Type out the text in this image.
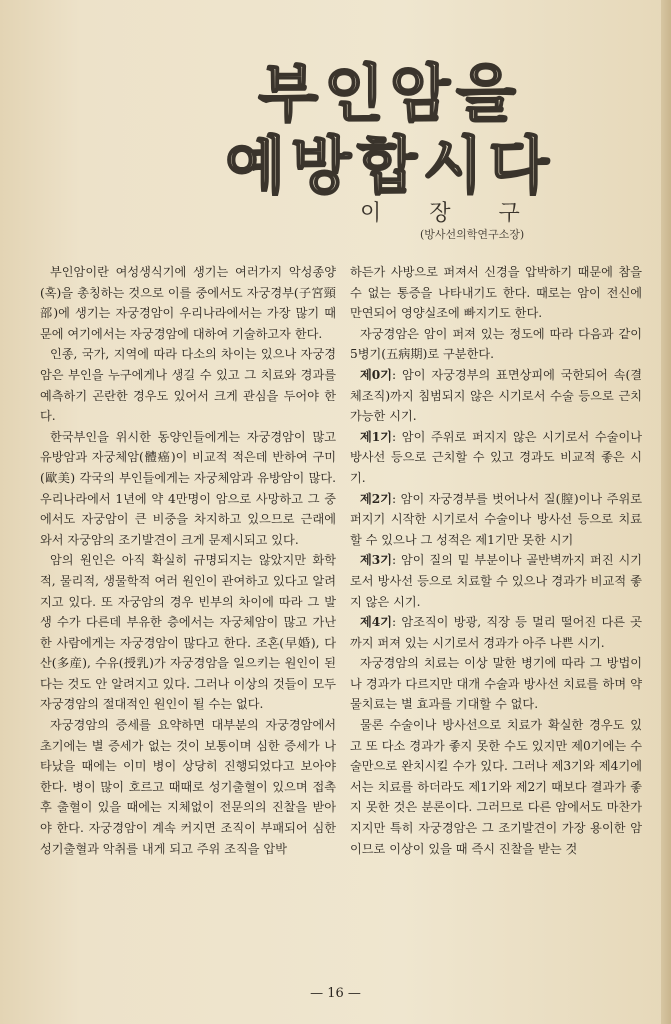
부인암을
예방합시다
이장구
(방사선의학연구소장)

부인암이란 여성생식기에 생기는 여러가지 악성종양(혹)을 총칭하는 것으로 이를 중에서도 자궁경부(子宮頸部)에 생기는 자궁경암이 우리나라에서는 가장 많기 때문에 여기에서는 자궁경암에 대하여 기술하고자 한다.

인종, 국가, 지역에 따라 다소의 차이는 있으나 자궁경암은 부인을 누구에게나 생길 수 있고 그 치료와 경과를 예측하기 곤란한 경우도 있어서 크게 관심을 두어야 한다.

한국부인을 위시한 동양인들에게는 자궁경암이 많고 유방암과 자궁체암(體癌)이 비교적 적은데 반하여 구미(歐美) 각국의 부인들에게는 자궁체암과 유방암이 많다. 우리나라에서 1년에 약 4만명이 암으로 사망하고 그 중에서도 자궁암이 큰 비중을 차지하고 있으므로 근래에 와서 자궁암의 조기발견이 크게 문제시되고 있다.

암의 원인은 아직 확실히 규명되지는 않았지만 화학적, 물리적, 생물학적 여러 원인이 관여하고 있다고 알려지고 있다. 또 자궁암의 경우 빈부의 차이에 따라 그 발생 수가 다른데 부유한 층에서는 자궁체암이 많고 가난한 사람에게는 자궁경암이 많다고 한다. 조혼(早婚), 다산(多産), 수유(授乳)가 자궁경암을 일으키는 원인이 된다는 것도 안 알려지고 있다. 그러나 이상의 것들이 모두 자궁경암의 절대적인 원인이 될 수는 없다.

자궁경암의 증세를 요약하면 대부분의 자궁경암에서 초기에는 별 증세가 없는 것이 보통이며 심한 증세가 나타났을 때에는 이미 병이 상당히 진행되었다고 보아야 한다. 병이 많이 호르고 때때로 성기출혈이 있으며 접촉 후 출혈이 있을 때에는 지체없이 전문의의 진찰을 받아야 한다. 자궁경암이 계속 커지면 조직이 부패되어 심한 성기출혈과 악취를 내게 되고 주위 조직을 압박

하든가 사방으로 퍼져서 신경을 압박하기 때문에 참을 수 없는 통증을 나타내기도 한다. 때로는 암이 전신에 만연되어 영양실조에 빠지기도 한다.

자궁경암은 암이 퍼져 있는 정도에 따라 다음과 같이 5병기(五病期)로 구분한다.

제0기: 암이 자궁경부의 표면상피에 국한되어 속(결체조직)까지 침범되지 않은 시기로서 수술 등으로 근치 가능한 시기.

제1기: 암이 주위로 퍼지지 않은 시기로서 수술이나 방사선 등으로 근치할 수 있고 경과도 비교적 좋은 시기.

제2기: 암이 자궁경부를 벗어나서 질(膣)이나 주위로 퍼지기 시작한 시기로서 수술이나 방사선 등으로 치료할 수 있으나 그 성적은 제1기만 못한 시기

제3기: 암이 질의 밑 부분이나 골반벽까지 퍼진 시기로서 방사선 등으로 치료할 수 있으나 경과가 비교적 좋지 않은 시기.

제4기: 암조직이 방광, 직장 등 멀리 떨어진 다른 곳까지 퍼져 있는 시기로서 경과가 아주 나쁜 시기.

자궁경암의 치료는 이상 말한 병기에 따라 그 방법이나 경과가 다르지만 대개 수술과 방사선 치료를 하며 약물치료는 별 효과를 기대할 수 없다.

물론 수술이나 방사선으로 치료가 확실한 경우도 있고 또 다소 경과가 좋지 못한 수도 있지만 제0기에는 수술만으로 완치시킬 수가 있다. 그러나 제3기와 제4기에서는 치료를 하더라도 제1기와 제2기 때보다 결과가 좋지 못한 것은 분론이다. 그러므로 다른 암에서도 마찬가지지만 특히 자궁경암은 그 조기발견이 가장 용이한 암이므로 이상이 있을 때 즉시 진찰을 받는 것

— 16 —
